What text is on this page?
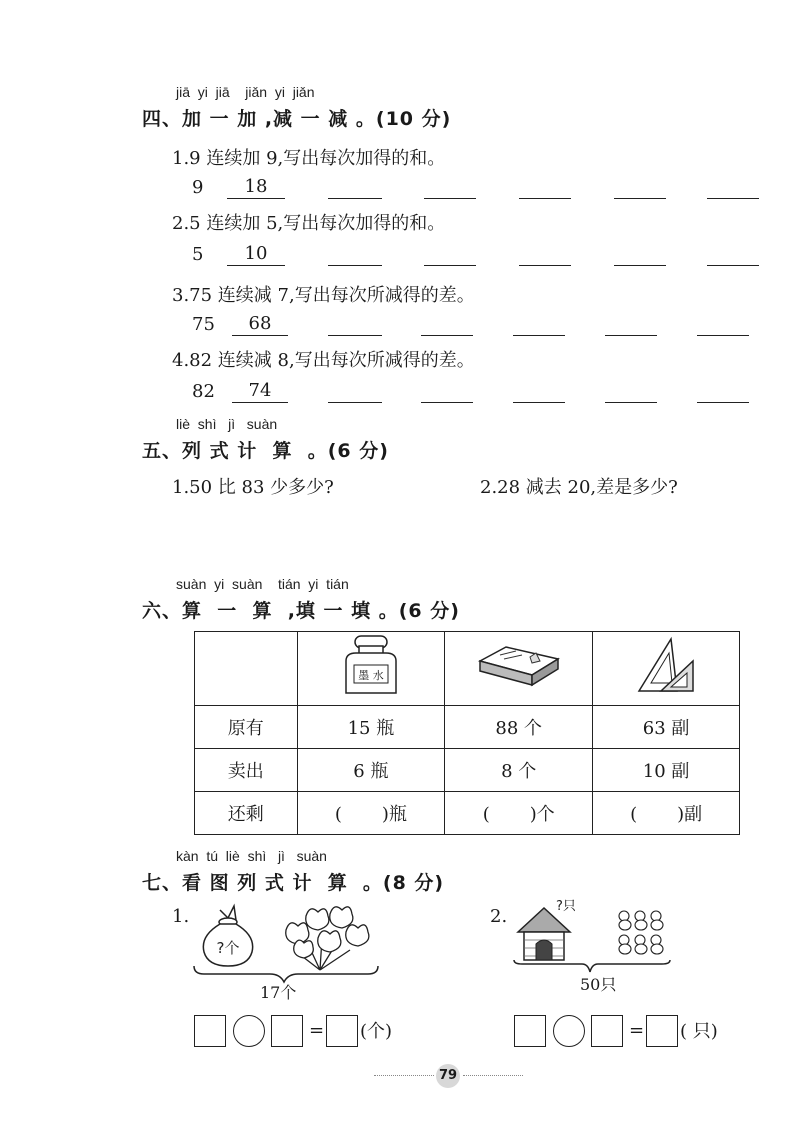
jiā  yi  jiā    jiǎn  yi  jiǎn
四、加 一 加 ,减 一 减 。(10 分)
1.9 连续加 9,写出每次加得的和。
9	18
2.5 连续加 5,写出每次加得的和。
5	10
3.75 连续减 7,写出每次所减得的差。
75	68
4.82 连续减 8,写出每次所减得的差。
82	74
liè  shì   jì   suàn
五、列 式 计  算  。(6 分)
1.50 比 83 少多少?	2.28 减去 20,差是多少?
suàn  yi  suàn    tián  yi  tián
六、算  一  算  ,填 一 填 。(6 分)

墨 水

原有	15 瓶	88 个	63 副
卖出	6 瓶	8 个	10 副
还剩	(       )瓶	(       )个	(       )副
kàn  tú  liè  shì   jì   suàn
七、看 图 列 式 计  算  。(8 分)
1.
?个
17个
= (个)
2.	?只
50只
= ( 只)
79
